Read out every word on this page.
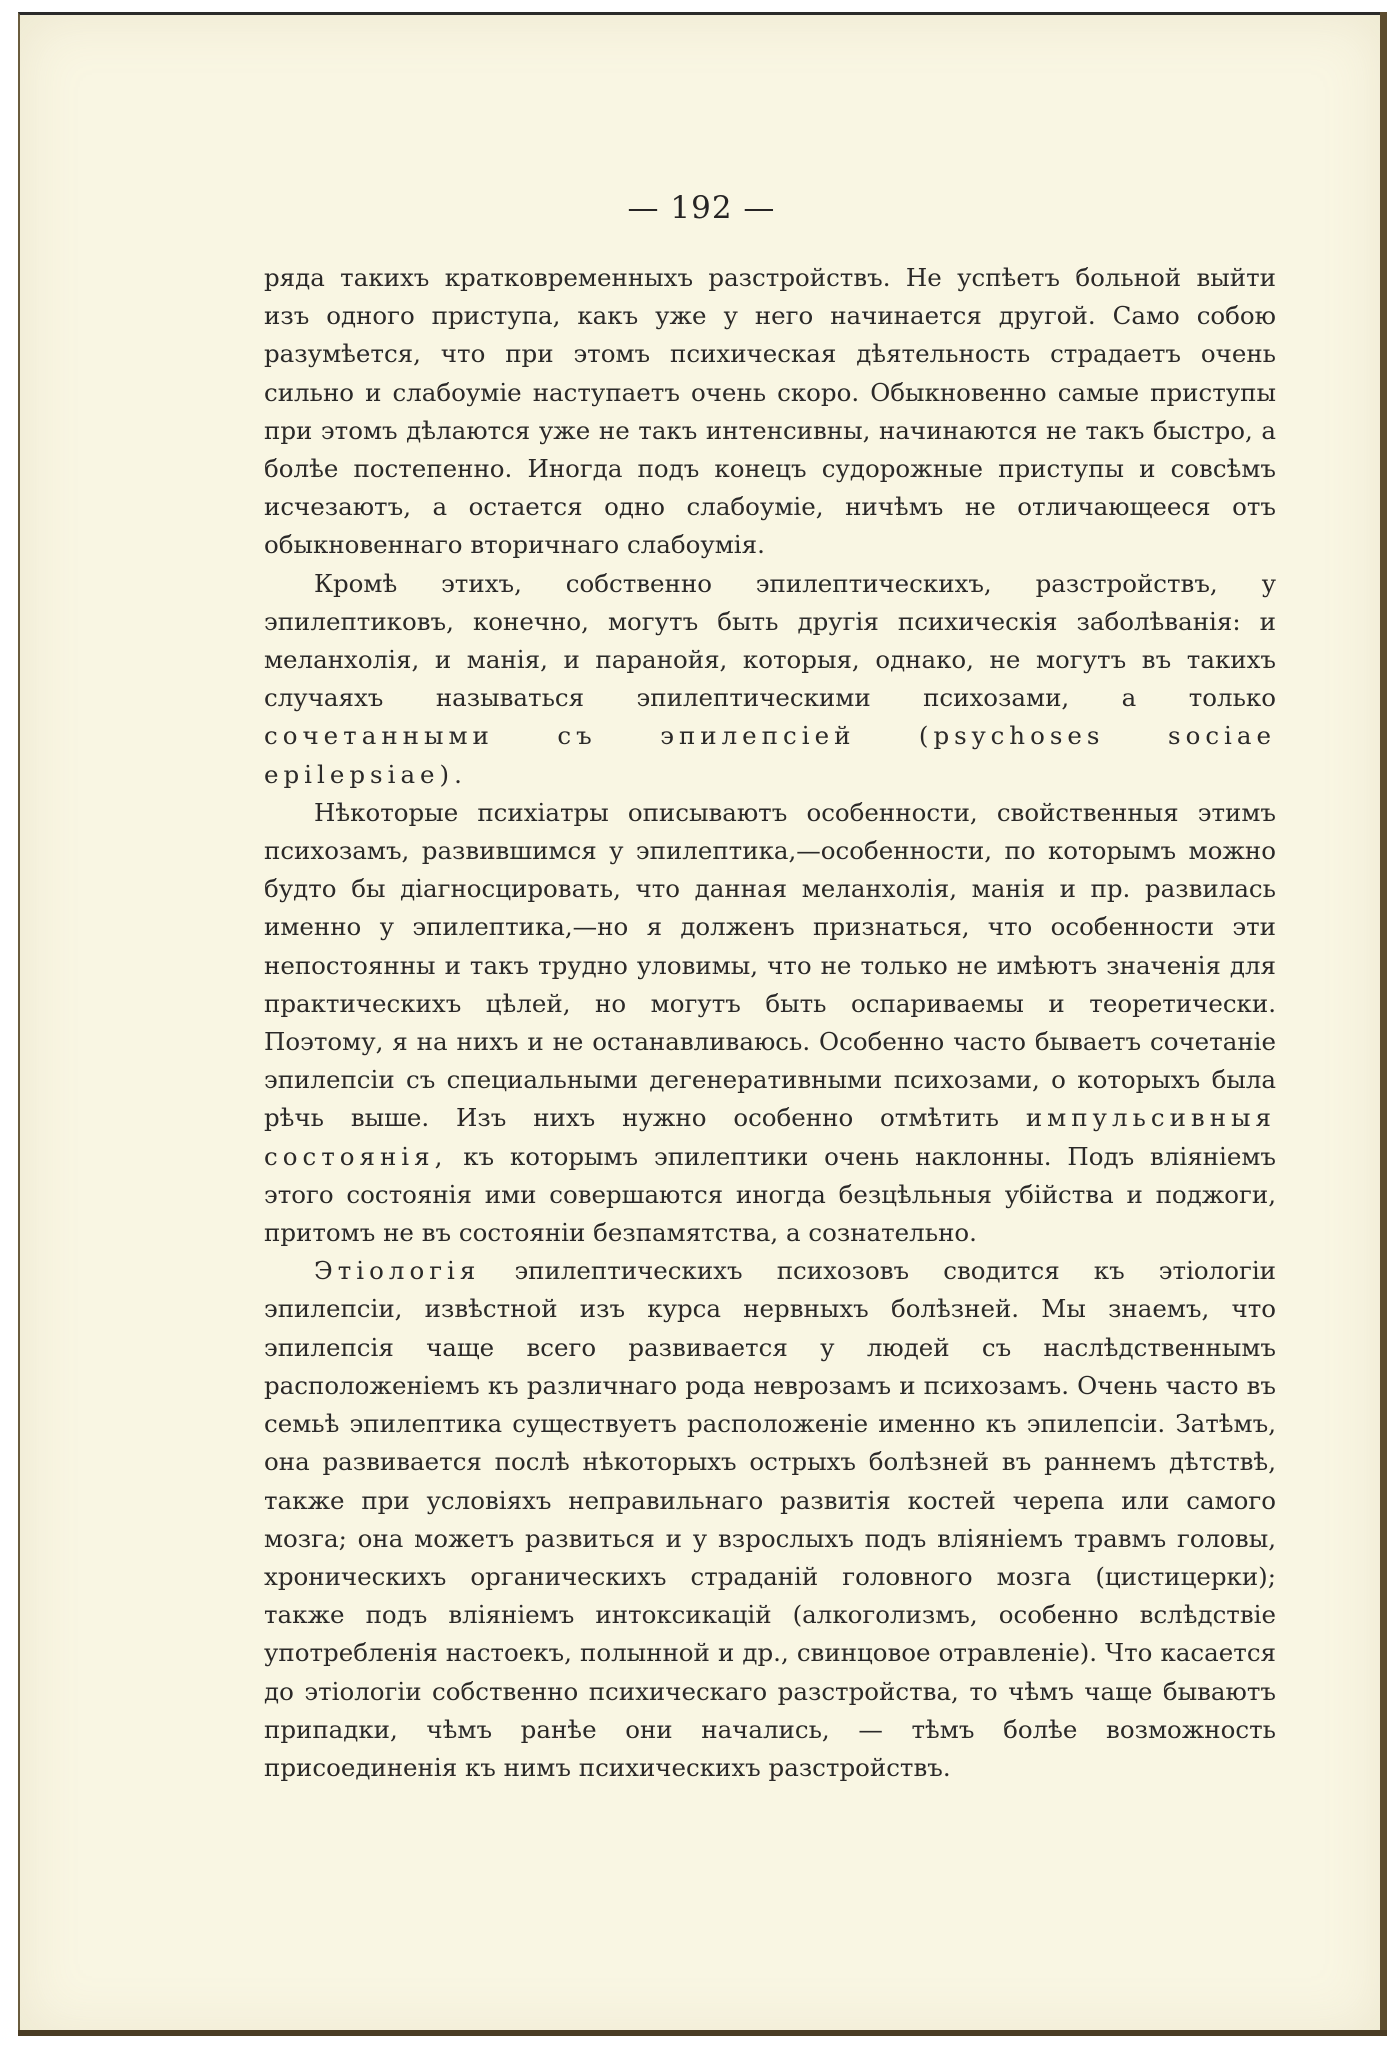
— 192 —

ряда такихъ кратковременныхъ разстройствъ. Не успѣетъ больной выйти изъ одного приступа, какъ уже у него начинается другой. Само собою разумѣется, что при этомъ психическая дѣятельность страдаетъ очень сильно и слабоумiе наступаетъ очень скоро. Обыкновенно самые приступы при этомъ дѣлаются уже не такъ интенсивны, начинаются не такъ быстро, а болѣе постепенно. Иногда подъ конецъ судорожные приступы и совсѣмъ исчезаютъ, а остается одно слабоумiе, ничѣмъ не отличающееся отъ обыкновеннаго вторичнаго слабоумiя.

Кромѣ этихъ, собственно эпилептическихъ, разстройствъ, у эпилептиковъ, конечно, могутъ быть другiя психическiя заболѣванiя: и меланхолiя, и манiя, и паранойя, которыя, однако, не могутъ въ такихъ случаяхъ называться эпилептическими психозами, а только сочетанными съ эпилепсiей (psychoses sociae epilepsiae).

Нѣкоторые психiатры описываютъ особенности, свойственныя этимъ психозамъ, развившимся у эпилептика,—особенности, по которымъ можно будто бы дiагносцировать, что данная меланхолiя, манiя и пр. развилась именно у эпилептика,—но я долженъ признаться, что особенности эти непостоянны и такъ трудно уловимы, что не только не имѣютъ значенiя для практическихъ цѣлей, но могутъ быть оспариваемы и теоретически. Поэтому, я на нихъ и не останавливаюсь. Особенно часто бываетъ сочетанiе эпилепсiи съ специальными дегенеративными психозами, о которыхъ была рѣчь выше. Изъ нихъ нужно особенно отмѣтить импульсивныя состоянiя, къ которымъ эпилептики очень наклонны. Подъ влiянiемъ этого состоянiя ими совершаются иногда безцѣльныя убiйства и поджоги, притомъ не въ состоянiи безпамятства, а сознательно.

Этiологiя эпилептическихъ психозовъ сводится къ этiологiи эпилепсiи, извѣстной изъ курса нервныхъ болѣзней. Мы знаемъ, что эпилепсiя чаще всего развивается у людей съ наслѣдственнымъ расположенiемъ къ различнаго рода неврозамъ и психозамъ. Очень часто въ семьѣ эпилептика существуетъ расположенiе именно къ эпилепсiи. Затѣмъ, она развивается послѣ нѣкоторыхъ острыхъ болѣзней въ раннемъ дѣтствѣ, также при условiяхъ неправильнаго развитiя костей черепа или самого мозга; она можетъ развиться и у взрослыхъ подъ влiянiемъ травмъ головы, хроническихъ органическихъ страданiй головного мозга (цистицерки); также подъ влiянiемъ интоксикацiй (алкоголизмъ, особенно вслѣдствiе употребленiя настоекъ, полынной и др., свинцовое отравленiе). Что касается до этiологiи собственно психическаго разстройства, то чѣмъ чаще бываютъ припадки, чѣмъ ранѣе они начались, — тѣмъ болѣе возможность присоединенiя къ нимъ психическихъ разстройствъ.
